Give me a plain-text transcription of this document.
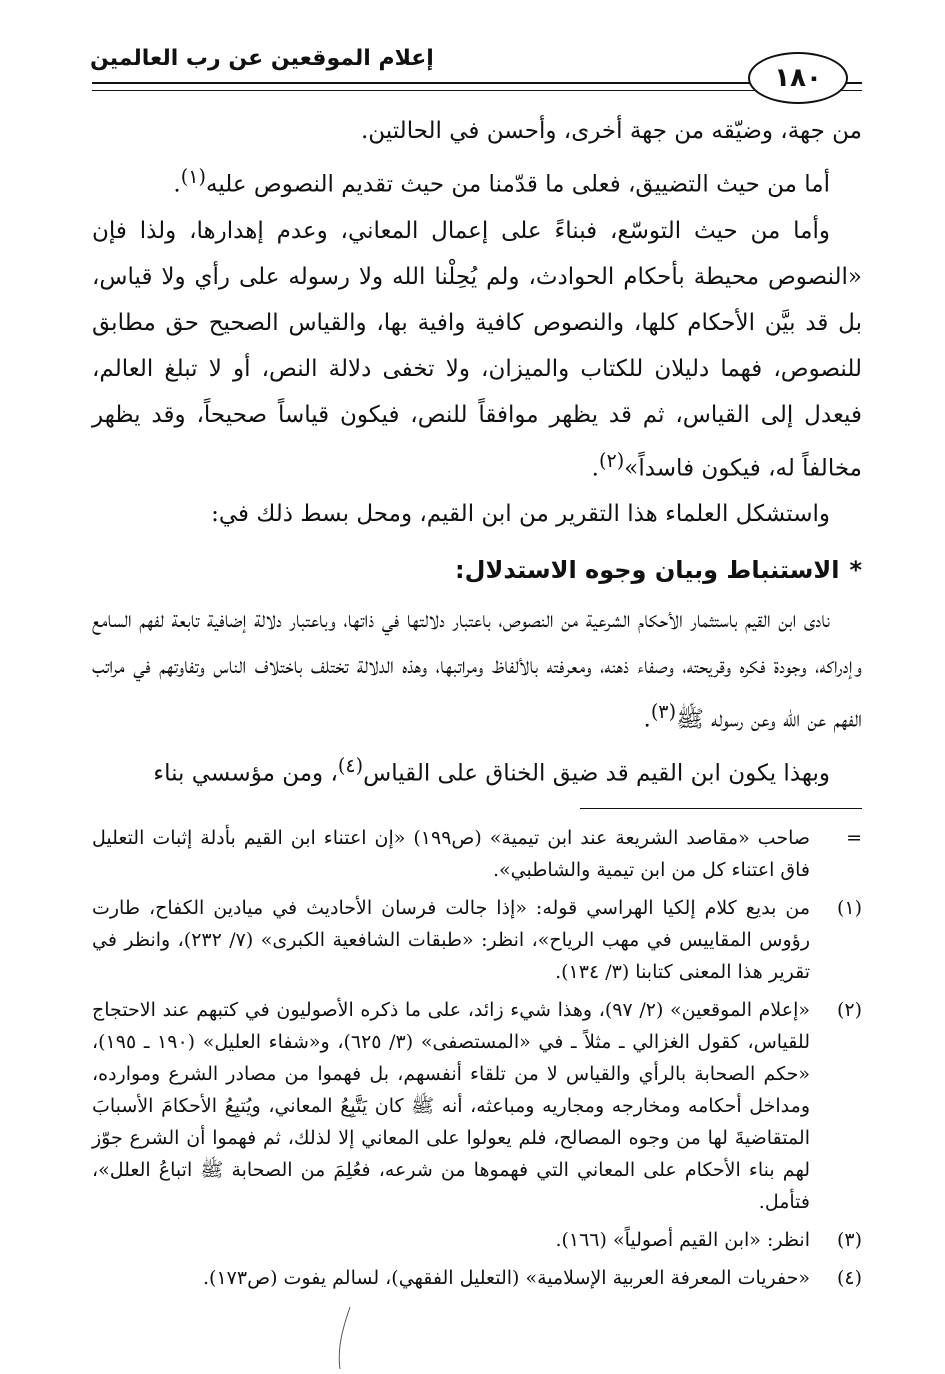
إعلام الموقعين عن رب العالمين
١٨٠

من جهة، وضيّقه من جهة أخرى، وأحسن في الحالتين.

أما من حيث التضييق، فعلى ما قدّمنا من حيث تقديم النصوص عليه$^{(١)}$.

وأما من حيث التوسّع، فبناءً على إعمال المعاني، وعدم إهدارها، ولذا فإن «النصوص محيطة بأحكام الحوادث، ولم يُحِلْنا الله ولا رسوله على رأي ولا قياس، بل قد بيَّن الأحكام كلها، والنصوص كافية وافية بها، والقياس الصحيح حق مطابق للنصوص، فهما دليلان للكتاب والميزان، ولا تخفى دلالة النص، أو لا تبلغ العالم، فيعدل إلى القياس، ثم قد يظهر موافقاً للنص، فيكون قياساً صحيحاً، وقد يظهر مخالفاً له، فيكون فاسداً»$^{(٢)}$.

واستشكل العلماء هذا التقرير من ابن القيم، ومحل بسط ذلك في:

*الاستنباط وبيان وجوه الاستدلال:

نادى ابن القيم باستثمار الأحكام الشرعية من النصوص، باعتبار دلالتها في ذاتها، وباعتبار دلالة إضافية تابعة لفهم السامع وإدراكه، وجودة فكره وقريحته، وصفاء ذهنه، ومعرفته بالألفاظ ومراتبها، وهذه الدلالة تختلف باختلاف الناس وتفاوتهم في مراتب الفهم عن الله وعن رسوله ﷺ$^{(٣)}$.

وبهذا يكون ابن القيم قد ضيق الخناق على القياس$^{(٤)}$، ومن مؤسسي بناء

=
صاحب «مقاصد الشريعة عند ابن تيمية» (ص١٩٩) «إن اعتناء ابن القيم بأدلة إثبات التعليل فاق اعتناء كل من ابن تيمية والشاطبي».
(١)
من بديع كلام إلكيا الهراسي قوله: «إذا جالت فرسان الأحاديث في ميادين الكفاح، طارت رؤوس المقاييس في مهب الرياح»، انظر: «طبقات الشافعية الكبرى» (٧/ ٢٣٢)، وانظر في تقرير هذا المعنى كتابنا (٣/ ١٣٤).
(٢)
«إعلام الموقعين» (٢/ ٩٧)، وهذا شيء زائد، على ما ذكره الأصوليون في كتبهم عند الاحتجاج للقياس، كقول الغزالي ـ مثلاً ـ في «المستصفى» (٣/ ٦٢٥)، و«شفاء العليل» (١٩٠ ـ ١٩٥)، «حكم الصحابة بالرأي والقياس لا من تلقاء أنفسهم، بل فهموا من مصادر الشرع وموارده، ومداخل أحكامه ومخارجه ومجاريه ومباعثه، أنه ﷺ كان يَتَّبِعُ المعاني، ويُتبِعُ الأحكامَ الأسبابَ المتقاضيةَ لها من وجوه المصالح، فلم يعولوا على المعاني إلا لذلك، ثم فهموا أن الشرع جوّز لهم بناء الأحكام على المعاني التي فهموها من شرعه، فعُلِمَ من الصحابة ﷺ اتباعُ العلل»، فتأمل.
(٣)
انظر: «ابن القيم أصولياً» (١٦٦).
(٤)
«حفريات المعرفة العربية الإسلامية» (التعليل الفقهي)، لسالم يفوت (ص١٧٣).
